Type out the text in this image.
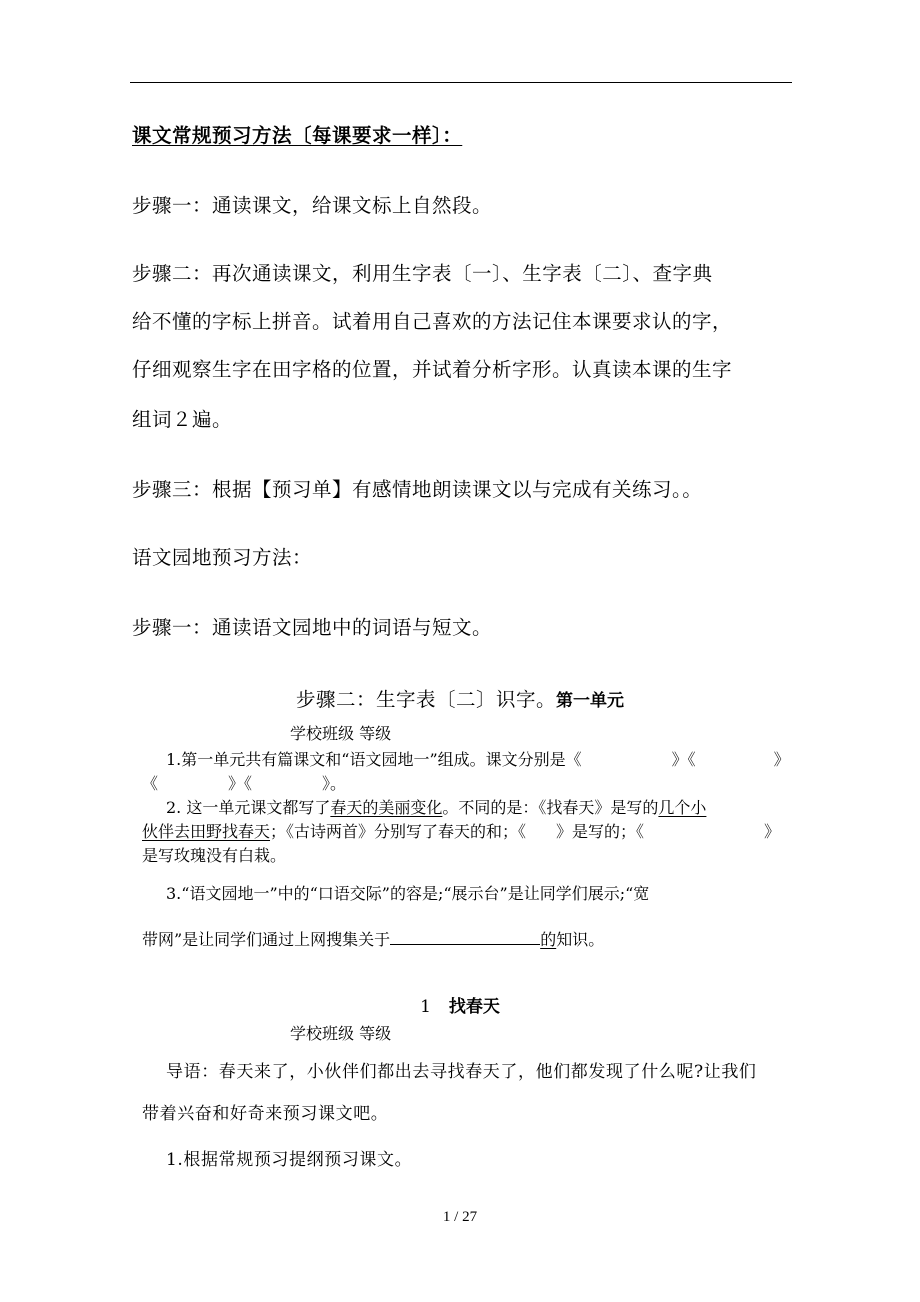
课文常规预习方法〔每课要求一样〕：
步骤一：通读课文，给课文标上自然段。
步骤二：再次通读课文，利用生字表〔一〕、生字表〔二〕、查字典
给不懂的字标上拼音。试着用自己喜欢的方法记住本课要求认的字，
仔细观察生字在田字格的位置，并试着分析字形。认真读本课的生字
组词２遍。
步骤三：根据【预习单】有感情地朗读课文以与完成有关练习。。
语文园地预习方法：
步骤一：通读语文园地中的词语与短文。
步骤二：生字表〔二〕识字。第一单元
学校班级 等级
1.第一单元共有篇课文和“语文园地一”组成。课文分别是《	》《	》
《	》《	》。
2. 这一单元课文都写了春天的美丽变化。不同的是：《找春天》是写的几个小
伙伴去田野找春天；《古诗两首》分别写了春天的和；《 》是写的；《	》
是写玫瑰没有白栽。
3.“语文园地一”中的“口语交际”的容是;“展示台”是让同学们展示;“宽
带网”是让同学们通过上网搜集关于	的知识。
1 找春天
学校班级 等级
导语：春天来了，小伙伴们都出去寻找春天了，他们都发现了什么呢?让我们
带着兴奋和好奇来预习课文吧。
1.根据常规预习提纲预习课文。
1 / 27
